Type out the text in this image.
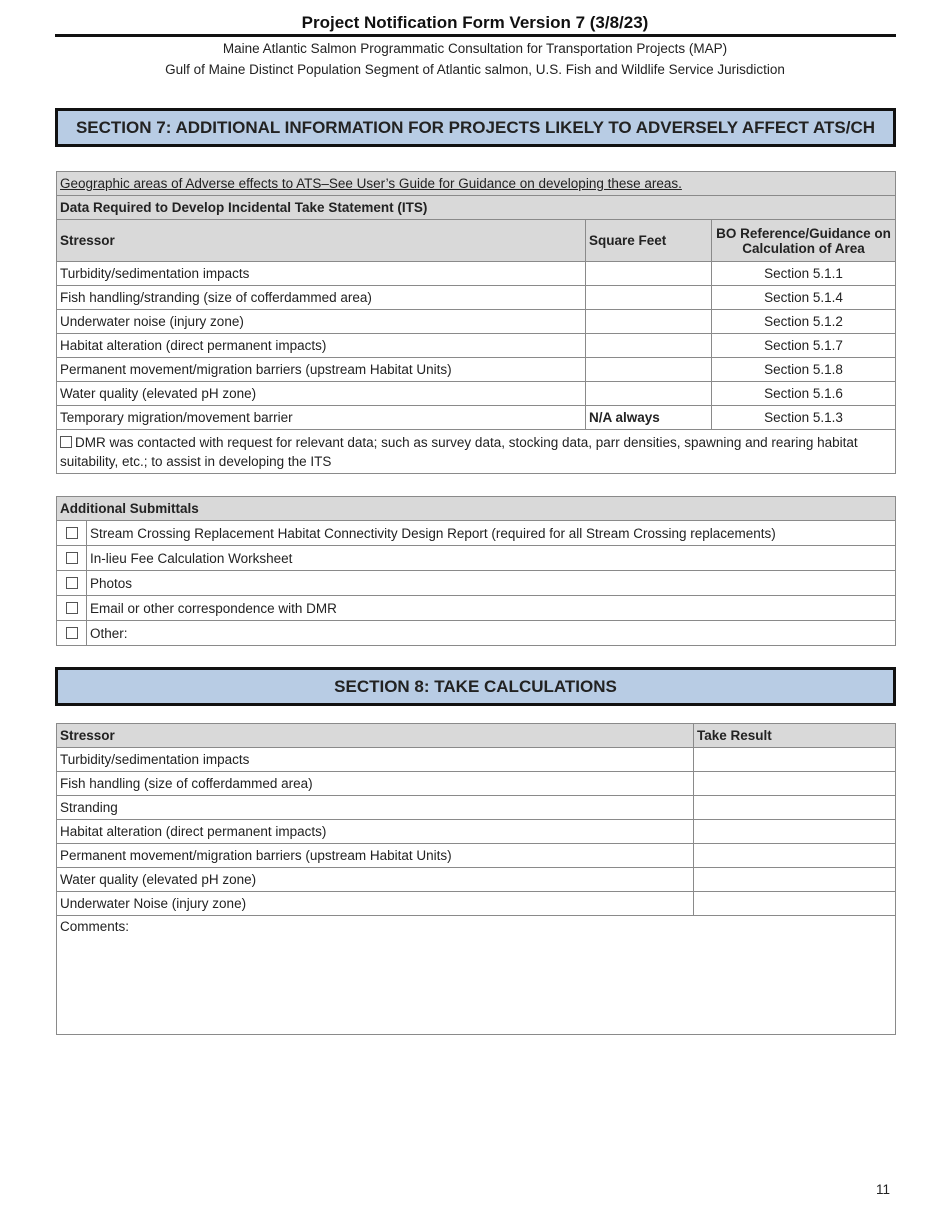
Project Notification Form Version 7 (3/8/23)
Maine Atlantic Salmon Programmatic Consultation for Transportation Projects (MAP)
Gulf of Maine Distinct Population Segment of Atlantic salmon, U.S. Fish and Wildlife Service Jurisdiction
SECTION 7: ADDITIONAL INFORMATION FOR PROJECTS LIKELY TO ADVERSELY AFFECT ATS/CH
Geographic areas of Adverse effects to ATS–See User’s Guide for Guidance on developing these areas.		
Data Required to Develop Incidental Take Statement (ITS)		
Stressor	Square Feet	BO Reference/Guidance on Calculation of Area
Turbidity/sedimentation impacts		Section 5.1.1
Fish handling/stranding (size of cofferdammed area)		Section 5.1.4
Underwater noise (injury zone)		Section 5.1.2
Habitat alteration (direct permanent impacts)		Section 5.1.7
Permanent movement/migration barriers (upstream Habitat Units)		Section 5.1.8
Water quality (elevated pH zone)		Section 5.1.6
Temporary migration/movement barrier	N/A always	Section 5.1.3
DMR was contacted with request for relevant data; such as survey data, stocking data, parr densities, spawning and rearing habitat suitability, etc.; to assist in developing the ITS		
Additional Submittals	
	Stream Crossing Replacement Habitat Connectivity Design Report (required for all Stream Crossing replacements)
	In-lieu Fee Calculation Worksheet
	Photos
	Email or other correspondence with DMR
	Other:
SECTION 8: TAKE CALCULATIONS
Stressor	Take Result
Turbidity/sedimentation impacts	
Fish handling (size of cofferdammed area)	
Stranding	
Habitat alteration (direct permanent impacts)	
Permanent movement/migration barriers (upstream Habitat Units)	
Water quality (elevated pH zone)	
Underwater Noise (injury zone)	
Comments:	
11
